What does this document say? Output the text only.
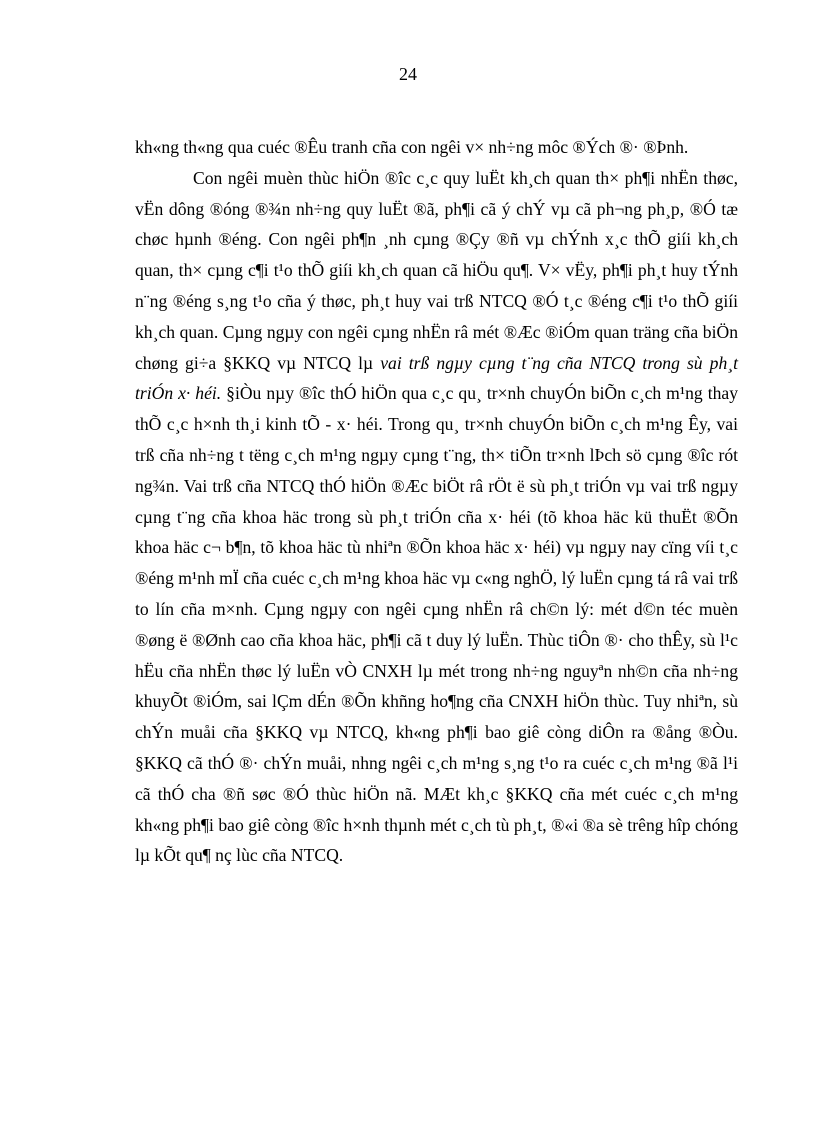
24

kh«ng th«ng qua cuéc ®Êu tranh cña con ngêi v× nh÷ng môc ®Ých ®· ®Þnh.

Con ngêi muèn thùc hiÖn ®îc c¸c quy luËt kh¸ch quan th× ph¶i nhËn thøc, vËn dông ®óng ®¾n nh÷ng quy luËt ®ã, ph¶i cã ý chÝ vµ cã ph¬ng ph¸p, ®Ó tæ chøc hµnh ®éng. Con ngêi ph¶n ¸nh cµng ®Çy ®ñ vµ chÝnh x¸c thÕ giíi kh¸ch quan, th× cµng c¶i t¹o thÕ giíi kh¸ch quan cã hiÖu qu¶. V× vËy, ph¶i ph¸t huy tÝnh n¨ng ®éng s¸ng t¹o cña ý thøc, ph¸t huy vai trß NTCQ ®Ó t¸c ®éng c¶i t¹o thÕ giíi kh¸ch quan. Cµng ngµy con ngêi cµng nhËn râ mét ®Æc ®iÓm quan träng cña biÖn chøng gi÷a §KKQ vµ NTCQ lµ vai trß ngµy cµng t¨ng cña NTCQ trong sù ph¸t triÓn x· héi. §iÒu nµy ®îc thÓ hiÖn qua c¸c qu¸ tr×nh chuyÓn biÕn c¸ch m¹ng thay thÕ c¸c h×nh th¸i kinh tÕ - x· héi. Trong qu¸ tr×nh chuyÓn biÕn c¸ch m¹ng Êy, vai trß cña nh÷ng t tëng c¸ch m¹ng ngµy cµng t¨ng, th× tiÕn tr×nh lÞch sö cµng ®îc rót ng¾n. Vai trß cña NTCQ thÓ hiÖn ®Æc biÖt râ rÖt ë sù ph¸t triÓn vµ vai trß ngµy cµng t¨ng cña khoa häc trong sù ph¸t triÓn cña x· héi (tõ khoa häc kü thuËt ®Õn khoa häc c¬ b¶n, tõ khoa häc tù nhiªn ®Õn khoa häc x· héi) vµ ngµy nay cïng víi t¸c ®éng m¹nh mÏ cña cuéc c¸ch m¹ng khoa häc vµ c«ng nghÖ, lý luËn cµng tá râ vai trß to lín cña m×nh. Cµng ngµy con ngêi cµng nhËn râ ch©n lý: mét d©n téc muèn ®øng ë ®Ønh cao cña khoa häc, ph¶i cã t duy lý luËn. Thùc tiÔn ®· cho thÊy, sù l¹c hËu cña nhËn thøc lý luËn vÒ CNXH lµ mét trong nh÷ng nguyªn nh©n cña nh÷ng khuyÕt ®iÓm, sai lÇm dÉn ®Õn khñng ho¶ng cña CNXH hiÖn thùc. Tuy nhiªn, sù chÝn muåi cña §KKQ vµ NTCQ, kh«ng ph¶i bao giê còng diÔn ra ®ång ®Òu. §KKQ cã thÓ ®· chÝn muåi, nhng ngêi c¸ch m¹ng s¸ng t¹o ra cuéc c¸ch m¹ng ®ã l¹i cã thÓ cha ®ñ søc ®Ó thùc hiÖn nã. MÆt kh¸c §KKQ cña mét cuéc c¸ch m¹ng kh«ng ph¶i bao giê còng ®îc h×nh thµnh mét c¸ch tù ph¸t, ®«i ®a sè trêng hîp chóng lµ kÕt qu¶ nç lùc cña NTCQ.
